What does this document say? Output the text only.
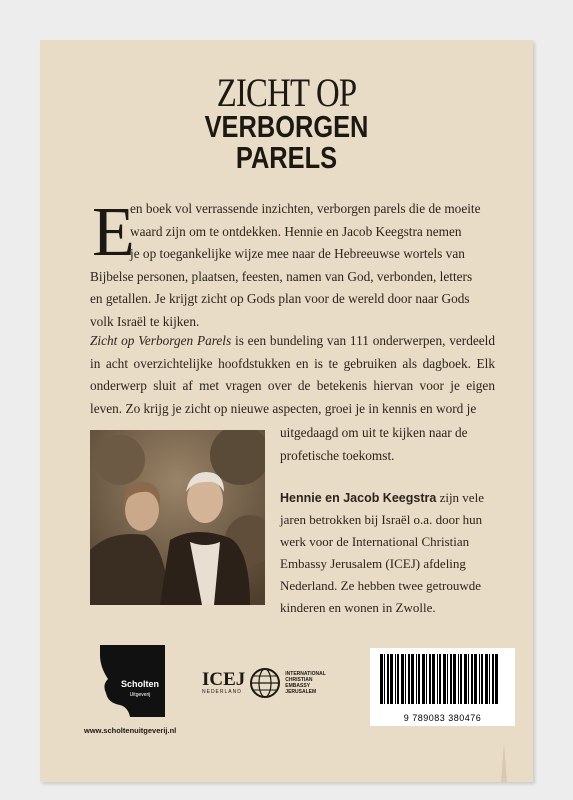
ZICHT OP
VERBORGEN
PARELS
E
en boek vol verrassende inzichten, verborgen parels die de moeite
waard zijn om te ontdekken. Hennie en Jacob Keegstra nemen
je op toegankelijke wijze mee naar de Hebreeuwse wortels van
Bijbelse personen, plaatsen, feesten, namen van God, verbonden, letters
en getallen. Je krijgt zicht op Gods plan voor de wereld door naar Gods
volk Israël te kijken.
Zicht op Verborgen Parels is een bundeling van 111 onderwerpen, verdeeld in acht overzichtelijke hoofdstukken en is te gebruiken als dagboek. Elk onderwerp sluit af met vragen over de betekenis hiervan voor je eigen leven. Zo krijg je zicht op nieuwe aspecten, groei je in kennis en word je
uitgedaagd om uit te kijken naar de profetische toekomst.
Hennie en Jacob Keegstra zijn vele jaren betrokken bij Israël o.a. door hun werk voor de International Christian Embassy Jerusalem (ICEJ) afdeling Nederland. Ze hebben twee getrouwde kinderen en wonen in Zwolle.
Scholten
Uitgeverij
www.scholtenuitgeverij.nl
ICEJ
NEDERLAND
INTERNATIONAL
CHRISTIAN
EMBASSY
JERUSALEM
9 789083 380476
